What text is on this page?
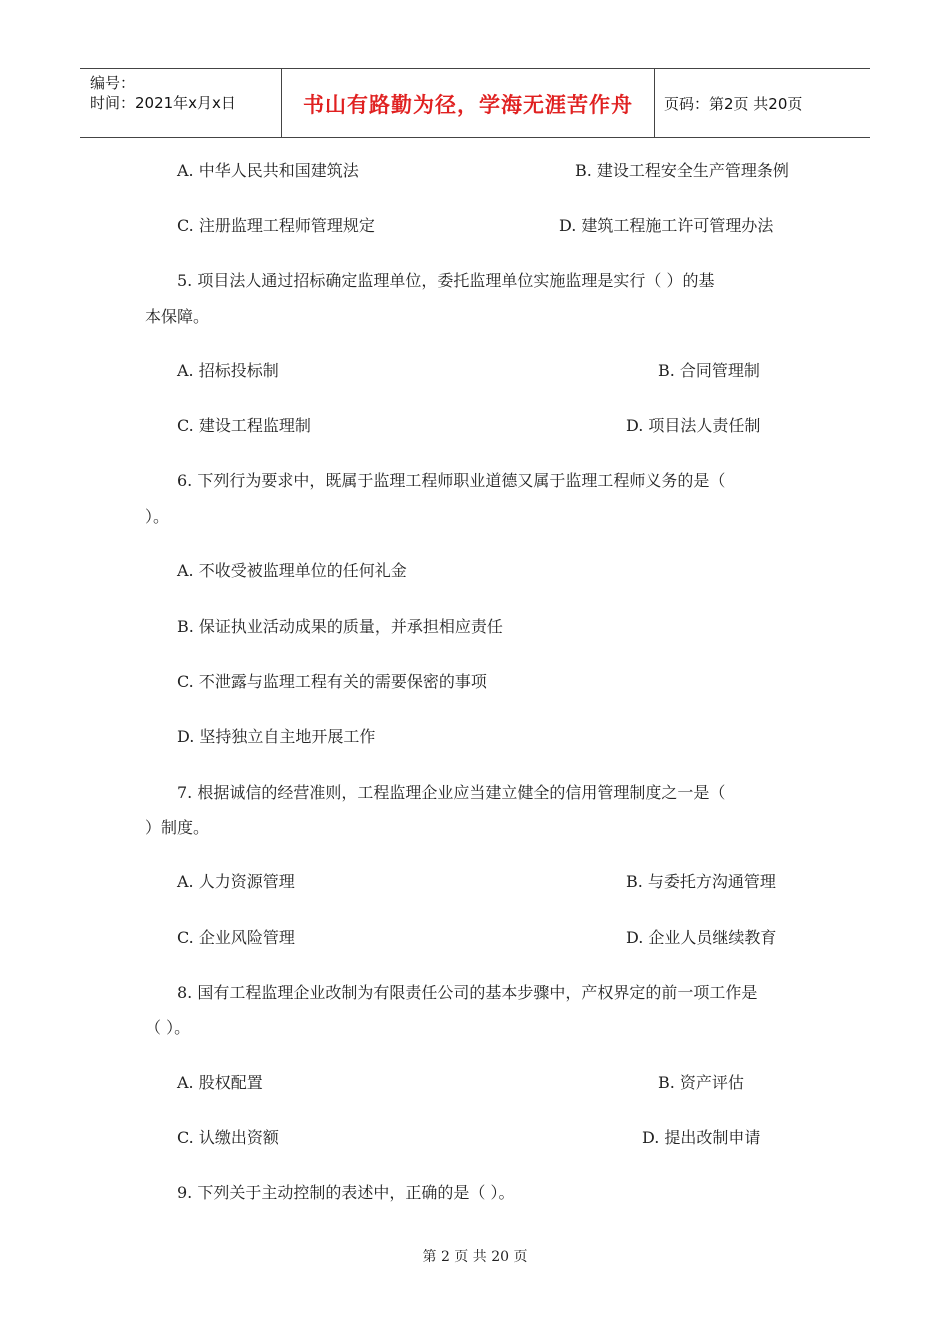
编号：
时间：2021年x月x日	书山有路勤为径，学海无涯苦作舟	页码：第2页 共20页
A. 中华人民共和国建筑法	B. 建设工程安全生产管理条例
C. 注册监理工程师管理规定	D. 建筑工程施工许可管理办法
5. 项目法人通过招标确定监理单位，委托监理单位实施监理是实行（ ）的基
本保障。
A. 招标投标制	B. 合同管理制
C. 建设工程监理制	D. 项目法人责任制
6. 下列行为要求中，既属于监理工程师职业道德又属于监理工程师义务的是（
）。
A. 不收受被监理单位的任何礼金
B. 保证执业活动成果的质量，并承担相应责任
C. 不泄露与监理工程有关的需要保密的事项
D. 坚持独立自主地开展工作
7. 根据诚信的经营准则，工程监理企业应当建立健全的信用管理制度之一是（
）制度。
A. 人力资源管理	B. 与委托方沟通管理
C. 企业风险管理	D. 企业人员继续教育
8. 国有工程监理企业改制为有限责任公司的基本步骤中，产权界定的前一项工作是
（ ）。
A. 股权配置	B. 资产评估
C. 认缴出资额	D. 提出改制申请
9. 下列关于主动控制的表述中，正确的是（ ）。
第 2 页 共 20 页
